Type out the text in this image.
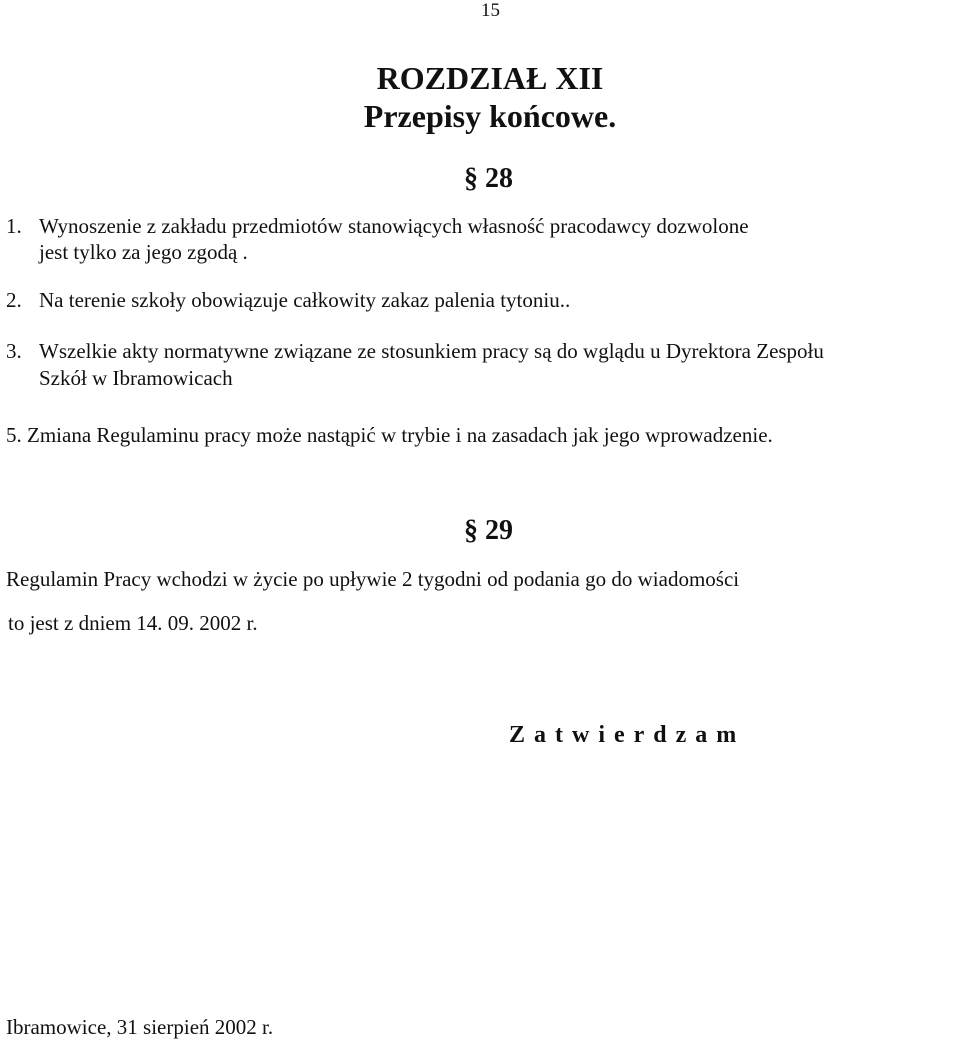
15
ROZDZIAŁ XII
Przepisy końcowe.
§ 28
1. Wynoszenie z zakładu przedmiotów stanowiących własność pracodawcy dozwolone
jest tylko za jego zgodą .
2. Na terenie szkoły obowiązuje całkowity zakaz palenia tytoniu..
3. Wszelkie akty normatywne związane ze stosunkiem pracy są do wglądu u Dyrektora Zespołu
Szkół w Ibramowicach
5. Zmiana Regulaminu pracy może nastąpić w trybie i na zasadach jak jego wprowadzenie.
§ 29
Regulamin Pracy wchodzi w życie po upływie 2 tygodni od podania go do wiadomości
to jest z dniem 14. 09. 2002 r.
Zatwierdzam
Ibramowice, 31 sierpień 2002 r.
